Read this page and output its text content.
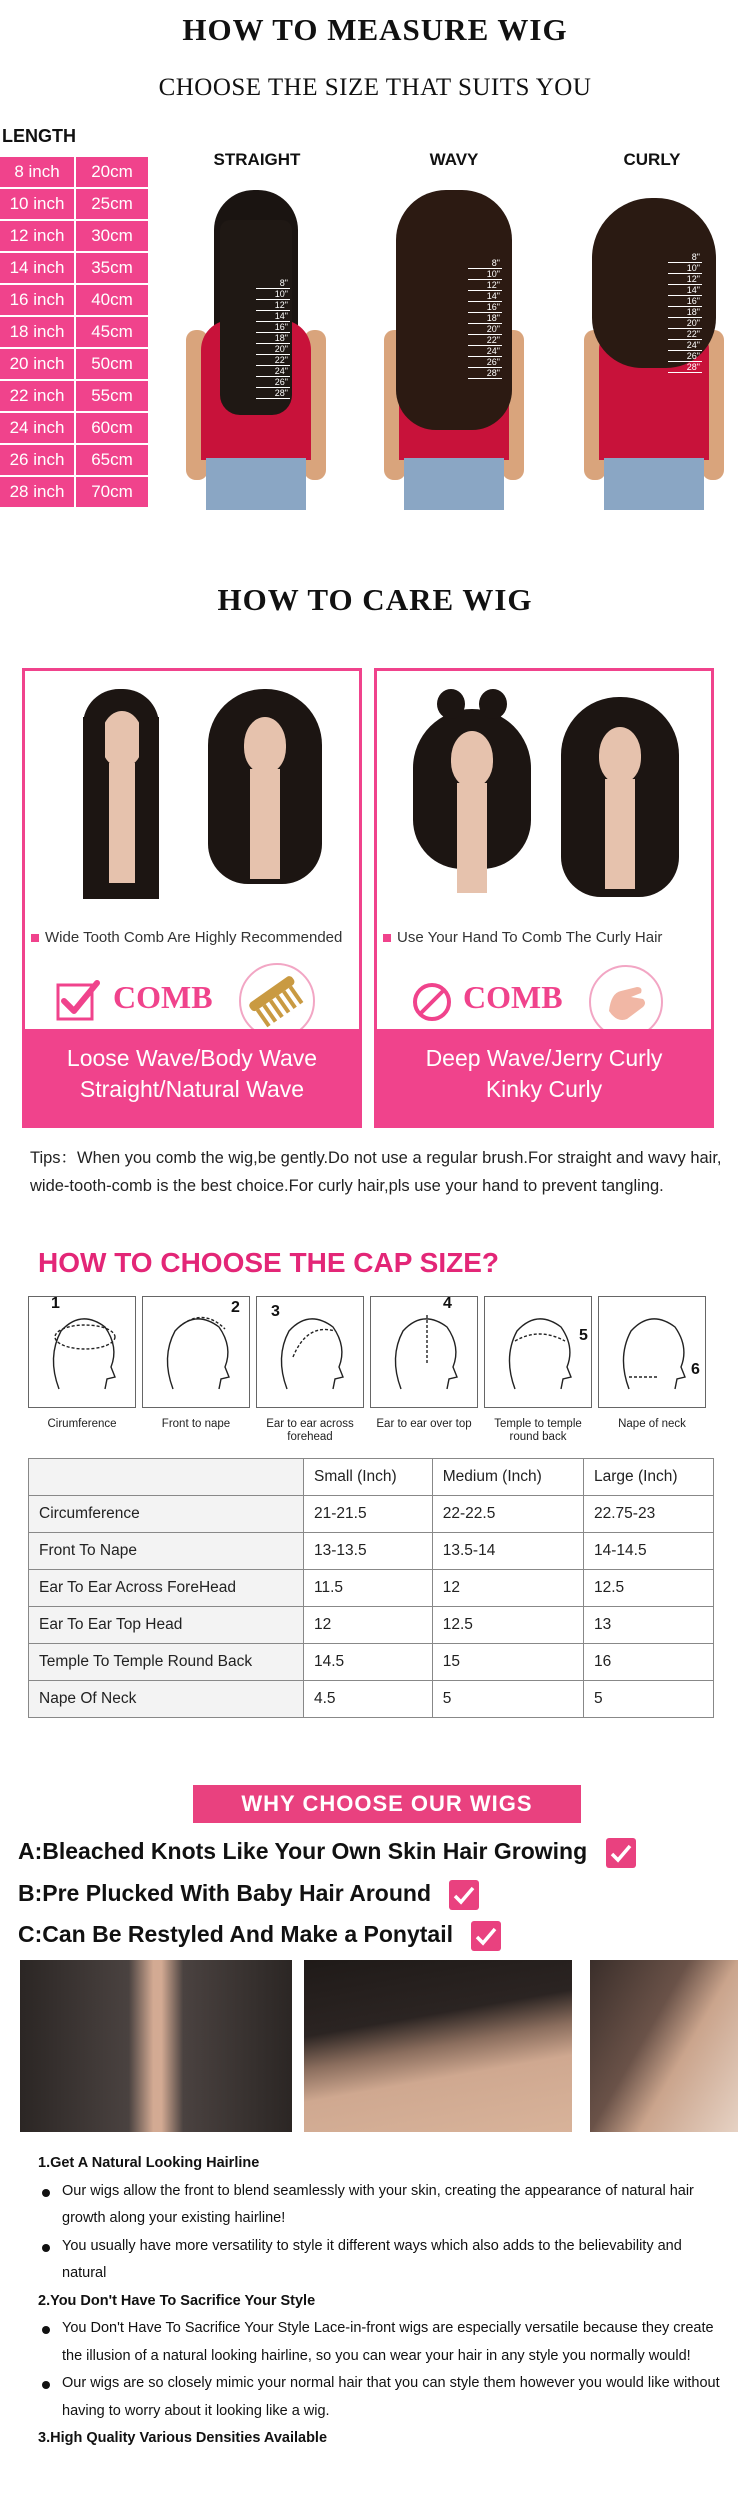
HOW TO MEASURE WIG
CHOOSE THE SIZE THAT SUITS YOU
LENGTH
8 inch	20cm
10 inch	25cm
12 inch	30cm
14 inch	35cm
16 inch	40cm
18 inch	45cm
20 inch	50cm
22 inch	55cm
24 inch	60cm
26 inch	65cm
28 inch	70cm
STRAIGHT	WAVY	CURLY
8"
10"
12"
14"
16"
18"
20"
22"
24"
26"
28"
8"
10"
12"
14"
16"
18"
20"
22"
24"
26"
28"
8"
10"
12"
14"
16"
18"
20"
22"
24"
26"
28"
HOW TO CARE WIG
Wide Tooth Comb Are Highly Recommended
COMB
Loose Wave/Body Wave
Straight/Natural Wave
Use Your Hand To Comb The Curly Hair
COMB
Deep Wave/Jerry Curly
Kinky Curly
Tips：When you comb the wig,be gently.Do not use a regular brush.For straight and wavy hair,
wide-tooth-comb is the best choice.For curly hair,pls use your hand to prevent tangling.
HOW TO CHOOSE THE CAP SIZE?
1	2 3	4
5
6
Cirumference	Front to nape	Ear to ear across forehead
Ear to ear over top	Temple to temple round back
Nape of neck
	Small (Inch)	Medium (Inch)	Large (Inch)
Circumference	21-21.5	22-22.5	22.75-23
Front To Nape	13-13.5	13.5-14	14-14.5
Ear To Ear Across ForeHead	11.5	12	12.5
Ear To Ear Top Head	12	12.5	13
Temple To Temple Round Back	14.5	15	16
Nape Of Neck	4.5	5	5
WHY CHOOSE OUR WIGS
A:Bleached Knots Like Your Own Skin Hair Growing
B:Pre Plucked With Baby Hair Around
C:Can Be Restyled And Make a Ponytail
1.Get A Natural Looking Hairline
Our wigs allow the front to blend seamlessly with your skin, creating the appearance of natural hair growth along your existing hairline!
You usually have more versatility to style it different ways which also adds to the believability and natural
2.You Don't Have To Sacrifice Your Style
You Don't Have To Sacrifice Your Style Lace-in-front wigs are especially versatile because they create the illusion of a natural looking hairline, so you can wear your hair in any style you normally would!
Our wigs are so closely mimic your normal hair that you can style them however you would like without having to worry about it looking like a wig.
3.High Quality Various Densities Available
